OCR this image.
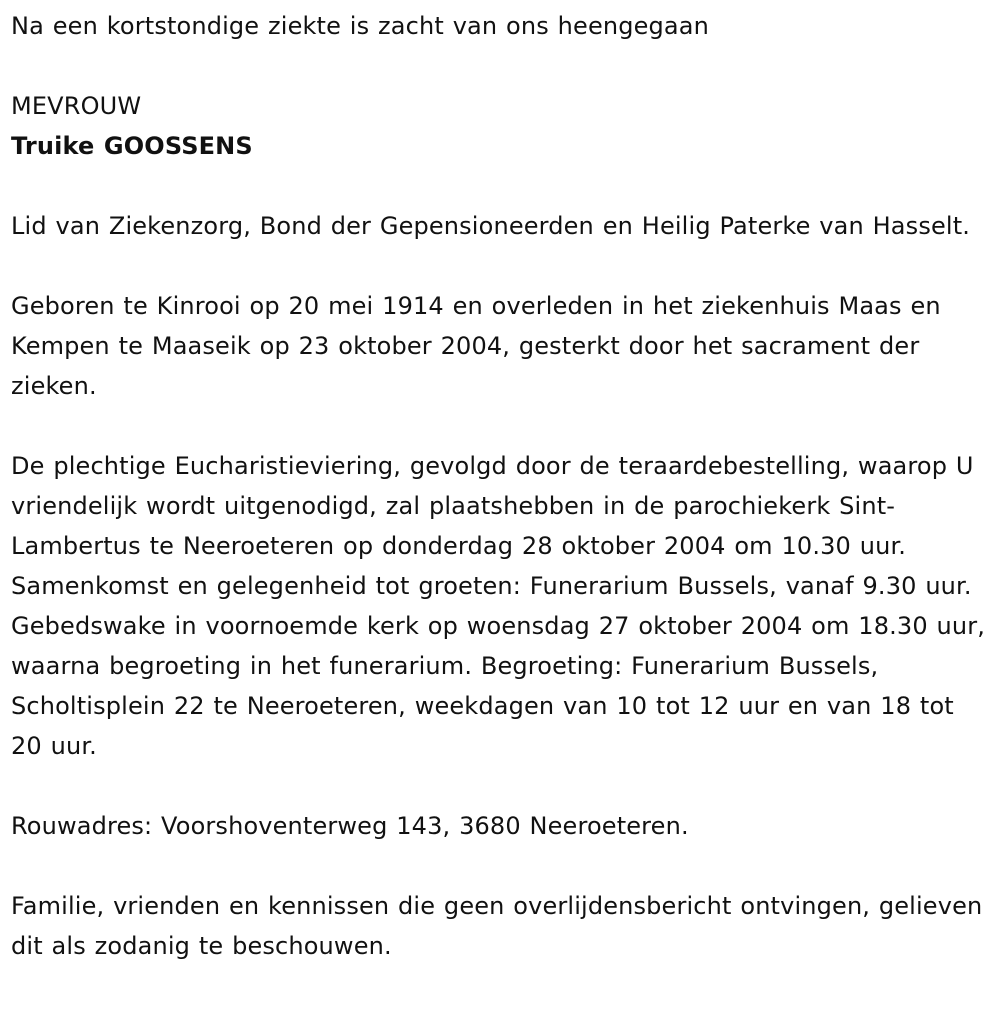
Na een kortstondige ziekte is zacht van ons heengegaan

MEVROUW

Truike GOOSSENS

Lid van Ziekenzorg, Bond der Gepensioneerden en Heilig Paterke van Hasselt.

Geboren te Kinrooi op 20 mei 1914 en overleden in het ziekenhuis Maas en Kempen te Maaseik op 23 oktober 2004, gesterkt door het sacrament der zieken.

De plechtige Eucharistieviering, gevolgd door de teraardebestelling, waarop U vriendelijk wordt uitgenodigd, zal plaatshebben in de parochiekerk Sint-Lambertus te Neeroeteren op donderdag 28 oktober 2004 om 10.30 uur. Samenkomst en gelegenheid tot groeten: Funerarium Bussels, vanaf 9.30 uur. Gebedswake in voornoemde kerk op woensdag 27 oktober 2004 om 18.30 uur, waarna begroeting in het funerarium. Begroeting: Funerarium Bussels, Scholtisplein 22 te Neeroeteren, weekdagen van 10 tot 12 uur en van 18 tot 20 uur.

Rouwadres: Voorshoventerweg 143, 3680 Neeroeteren.

Familie, vrienden en kennissen die geen overlijdensbericht ontvingen, gelieven dit als zodanig te beschouwen.
